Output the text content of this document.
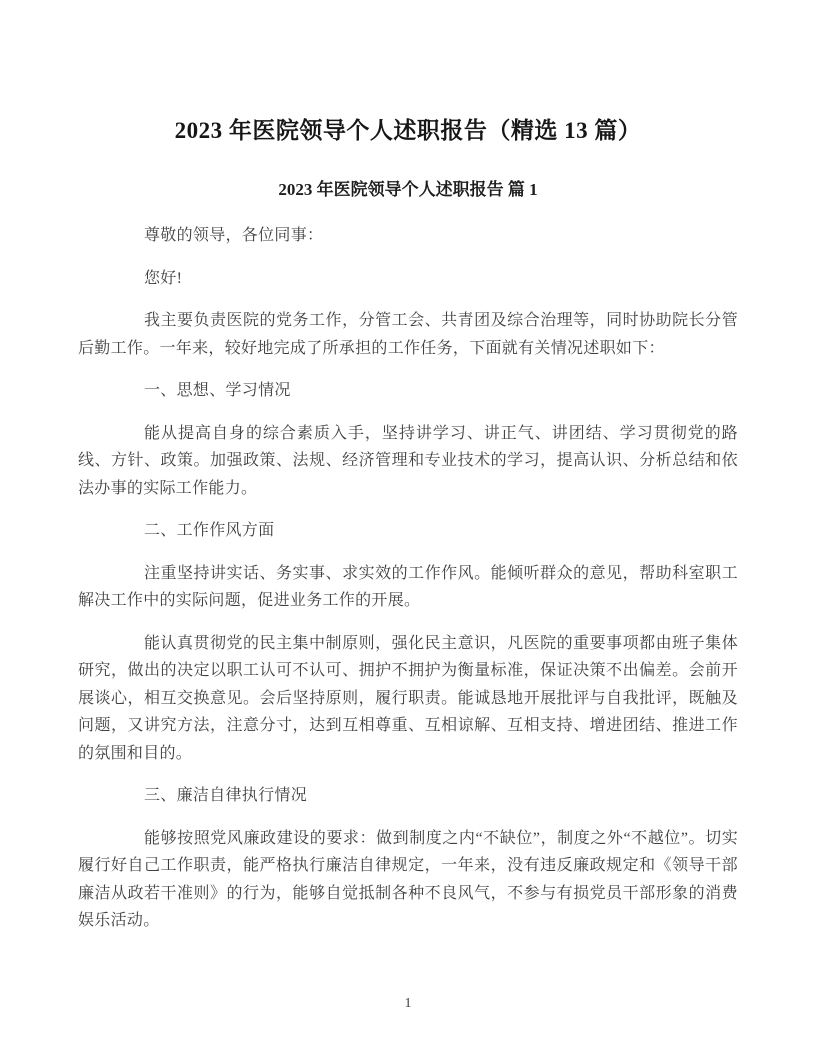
2023 年医院领导个人述职报告（精选 13 篇）
2023 年医院领导个人述职报告 篇 1

尊敬的领导，各位同事：

您好!

我主要负责医院的党务工作，分管工会、共青团及综合治理等，同时协助院长分管后勤工作。一年来，较好地完成了所承担的工作任务，下面就有关情况述职如下：

一、思想、学习情况

能从提高自身的综合素质入手，坚持讲学习、讲正气、讲团结、学习贯彻党的路线、方针、政策。加强政策、法规、经济管理和专业技术的学习，提高认识、分析总结和依法办事的实际工作能力。

二、工作作风方面

注重坚持讲实话、务实事、求实效的工作作风。能倾听群众的意见，帮助科室职工解决工作中的实际问题，促进业务工作的开展。

能认真贯彻党的民主集中制原则，强化民主意识，凡医院的重要事项都由班子集体研究，做出的决定以职工认可不认可、拥护不拥护为衡量标准，保证决策不出偏差。会前开展谈心，相互交换意见。会后坚持原则，履行职责。能诚恳地开展批评与自我批评，既触及问题，又讲究方法，注意分寸，达到互相尊重、互相谅解、互相支持、增进团结、推进工作的氛围和目的。

三、廉洁自律执行情况

能够按照党风廉政建设的要求：做到制度之内“不缺位”，制度之外“不越位”。切实履行好自己工作职责，能严格执行廉洁自律规定，一年来，没有违反廉政规定和《领导干部廉洁从政若干准则》的行为，能够自觉抵制各种不良风气，不参与有损党员干部形象的消费娱乐活动。

1
